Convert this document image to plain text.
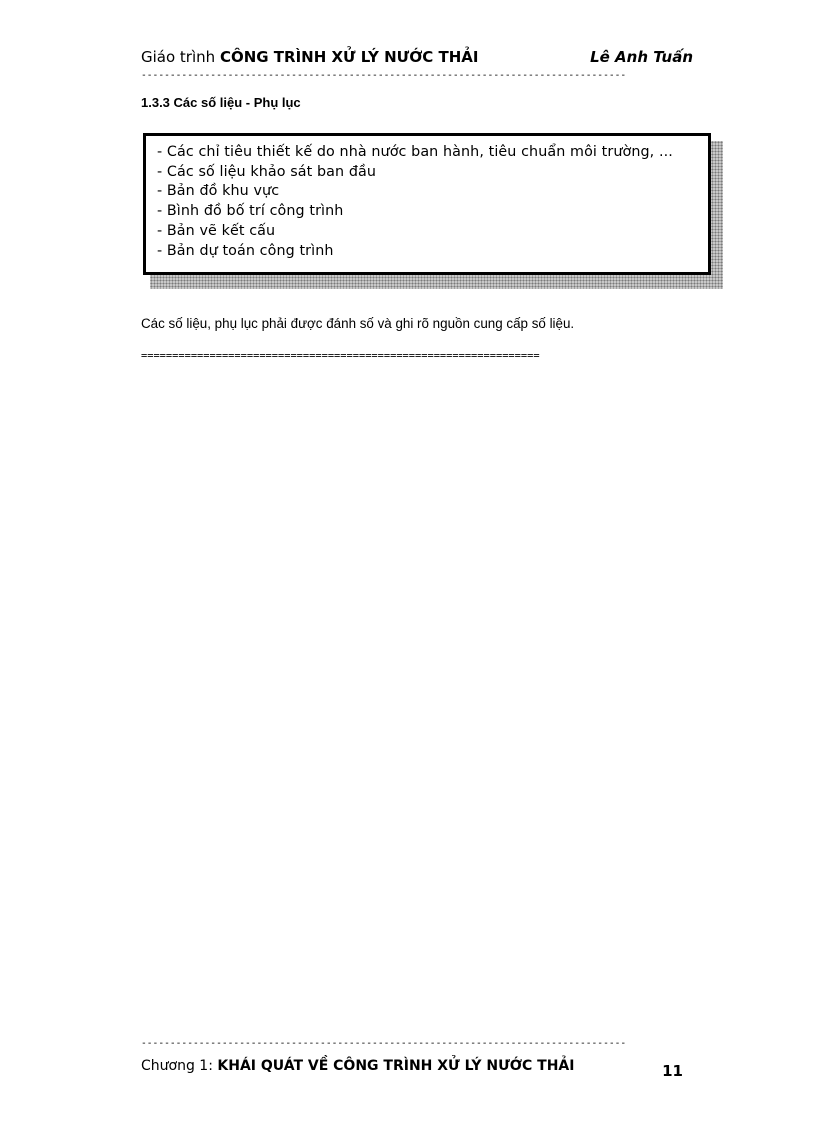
Giáo trình CÔNG TRÌNH XỬ LÝ NƯỚC THẢI	Lê Anh Tuấn
------------------------------------------------------------------------------------
1.3.3 Các số liệu - Phụ lục
- Các chỉ tiêu thiết kế do nhà nước ban hành, tiêu chuẩn môi trường, ...
- Các số liệu khảo sát ban đầu
- Bản đồ khu vực
- Bình đồ bố trí công trình
- Bản vẽ kết cấu
- Bản dự toán công trình
Các số liệu, phụ lục phải được đánh số và ghi rõ nguồn cung cấp số liệu.
================================================================
------------------------------------------------------------------------------------
Chương 1: KHÁI QUÁT VỀ CÔNG TRÌNH XỬ LÝ NƯỚC THẢI	11
